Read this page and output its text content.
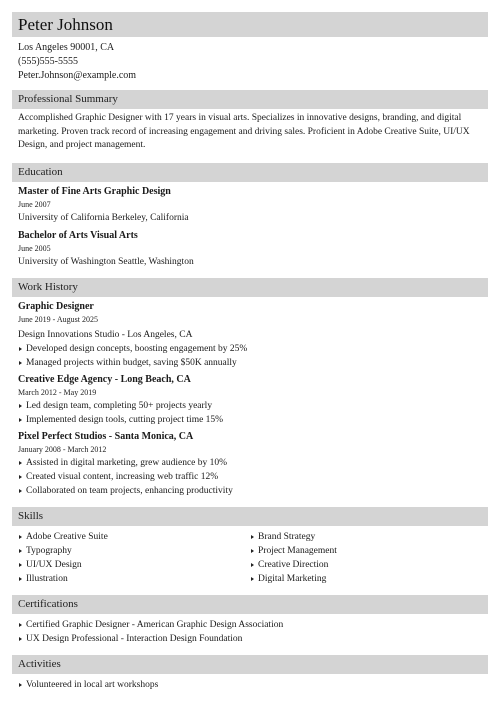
Peter Johnson
Los Angeles 90001, CA
(555)555-5555
Peter.Johnson@example.com
Professional Summary
Accomplished Graphic Designer with 17 years in visual arts. Specializes in innovative designs, branding, and digital marketing. Proven track record of increasing engagement and driving sales. Proficient in Adobe Creative Suite, UI/UX Design, and project management.
Education
Master of Fine Arts Graphic Design
June 2007
University of California Berkeley, California
Bachelor of Arts Visual Arts
June 2005
University of Washington Seattle, Washington
Work History
Graphic Designer
June 2019 - August 2025
Design Innovations Studio - Los Angeles, CA
Developed design concepts, boosting engagement by 25%
Managed projects within budget, saving $50K annually
Creative Edge Agency - Long Beach, CA
March 2012 - May 2019
Led design team, completing 50+ projects yearly
Implemented design tools, cutting project time 15%
Pixel Perfect Studios - Santa Monica, CA
January 2008 - March 2012
Assisted in digital marketing, grew audience by 10%
Created visual content, increasing web traffic 12%
Collaborated on team projects, enhancing productivity
Skills
Adobe Creative Suite
Typography
UI/UX Design
Illustration
Brand Strategy
Project Management
Creative Direction
Digital Marketing
Certifications
Certified Graphic Designer - American Graphic Design Association
UX Design Professional - Interaction Design Foundation
Activities
Volunteered in local art workshops
